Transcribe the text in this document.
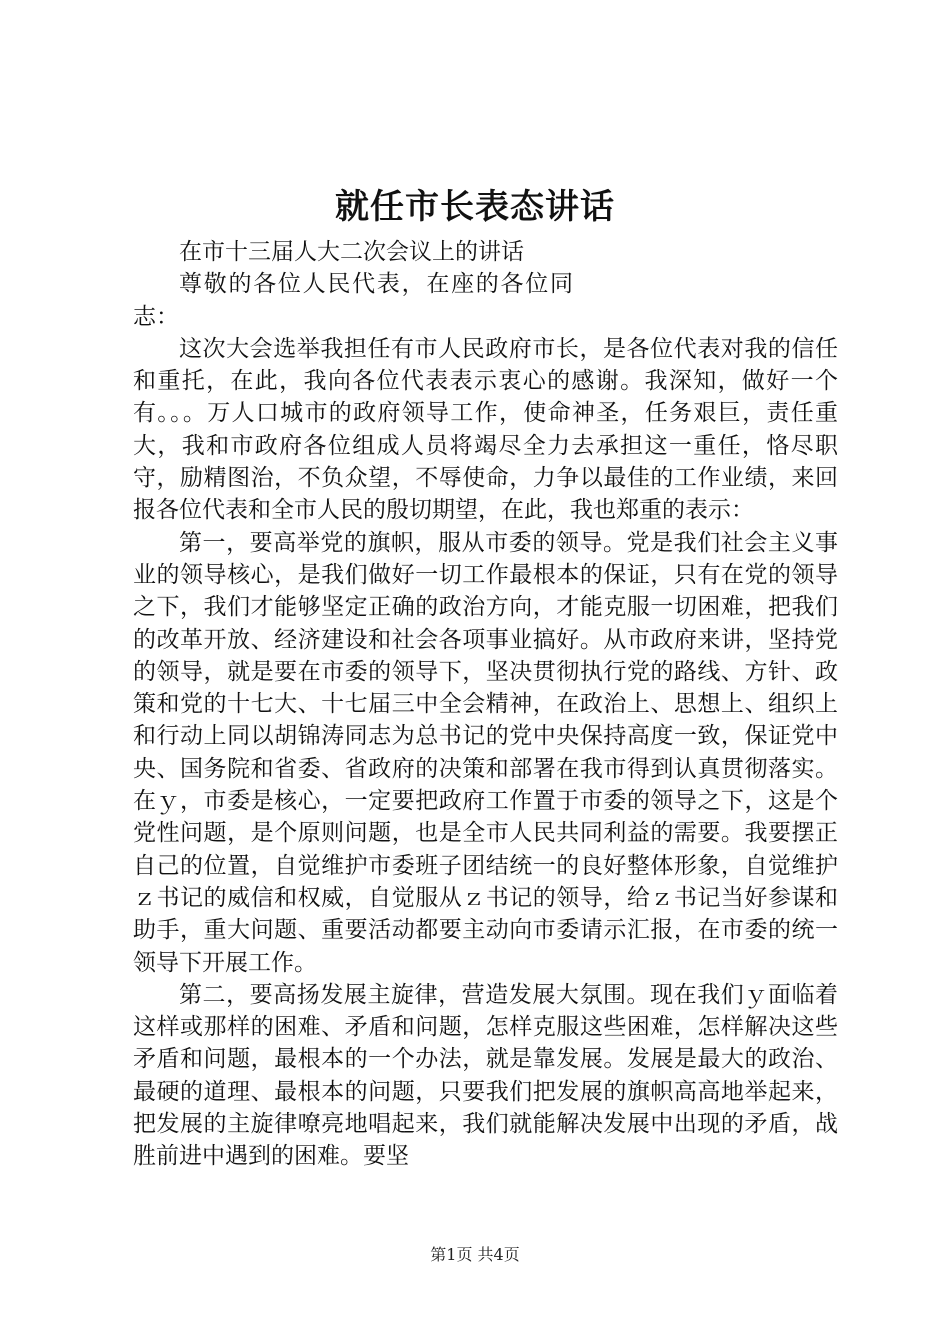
就任市长表态讲话

在市十三届人大二次会议上的讲话

尊敬的各位人民代表，在座的各位同志：

这次大会选举我担任有市人民政府市长，是各位代表对我的信任和重托，在此，我向各位代表表示衷心的感谢。我深知，做好一个有。。。万人口城市的政府领导工作，使命神圣，任务艰巨，责任重大，我和市政府各位组成人员将竭尽全力去承担这一重任，恪尽职守，励精图治，不负众望，不辱使命，力争以最佳的工作业绩，来回报各位代表和全市人民的殷切期望，在此，我也郑重的表示：

第一，要高举党的旗帜，服从市委的领导。党是我们社会主义事业的领导核心，是我们做好一切工作最根本的保证，只有在党的领导之下，我们才能够坚定正确的政治方向，才能克服一切困难，把我们的改革开放、经济建设和社会各项事业搞好。从市政府来讲，坚持党的领导，就是要在市委的领导下，坚决贯彻执行党的路线、方针、政策和党的十七大、十七届三中全会精神，在政治上、思想上、组织上和行动上同以胡锦涛同志为总书记的党中央保持高度一致，保证党中央、国务院和省委、省政府的决策和部署在我市得到认真贯彻落实。在ｙ，市委是核心，一定要把政府工作置于市委的领导之下，这是个党性问题，是个原则问题，也是全市人民共同利益的需要。我要摆正自己的位置，自觉维护市委班子团结统一的良好整体形象，自觉维护ｚ书记的威信和权威，自觉服从ｚ书记的领导，给ｚ书记当好参谋和助手，重大问题、重要活动都要主动向市委请示汇报，在市委的统一领导下开展工作。

第二，要高扬发展主旋律，营造发展大氛围。现在我们ｙ面临着这样或那样的困难、矛盾和问题，怎样克服这些困难，怎样解决这些矛盾和问题，最根本的一个办法，就是靠发展。发展是最大的政治、最硬的道理、最根本的问题，只要我们把发展的旗帜高高地举起来，把发展的主旋律嘹亮地唱起来，我们就能解决发展中出现的矛盾，战胜前进中遇到的困难。要坚

第1页 共4页
